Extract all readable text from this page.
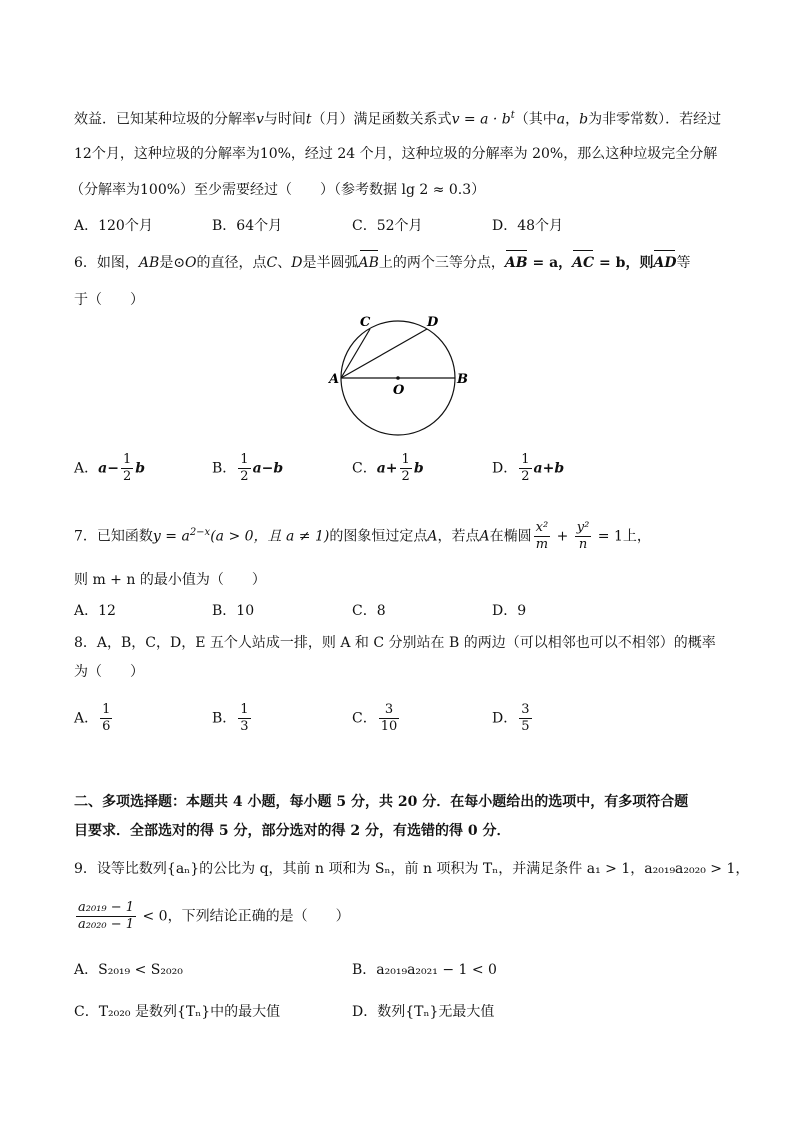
效益．已知某种垃圾的分解率v与时间t（月）满足函数关系式$v = a \cdot b^t$（其中a，b为非零常数）．若经过
12个月，这种垃圾的分解率为10%，经过 24 个月，这种垃圾的分解率为 20%，那么这种垃圾完全分解
（分解率为100%）至少需要经过（　　）（参考数据 lg 2 ≈ 0.3）
A．120个月	B．64个月	C．52个月	D．48个月
6．如图，AB是⊙O的直径，点C、D是半圆弧AB上的两个三等分点，AB = a，AC = b，则AD等
于（　　）
A	B
C	D
O
A．$a- \frac{1}{2}$ b	B． $\frac{1}{2} a-b$	C．$a+ \frac{1}{2}$ b	D． $\frac{1}{2} a+b$
7．已知函数$y = a^{2-x}(a > 0$，且 a ≠ 1)的图象恒过定点A，若点A在椭圆 $\frac{\text{x²}}{m} + \frac{\text{y²}}{n} = 1$上，
则 m + n 的最小值为（　　）
A．12	B．10	C．8	D．9
8．A，B，C，D，E 五个人站成一排，则 A 和 C 分别站在 B 的两边（可以相邻也可以不相邻）的概率
为（　　）
A． $\frac{1}{6}$	B． $\frac{1}{3}$	C． $\frac{3}{10}$	D． $\frac{3}{5}$
二、多项选择题：本题共 4 小题，每小题 5 分，共 20 分．在每小题给出的选项中，有多项符合题
目要求．全部选对的得 5 分，部分选对的得 2 分，有选错的得 0 分．
9．设等比数列{aₙ}的公比为 q，其前 n 项和为 Sₙ，前 n 项积为 Tₙ，并满足条件 a₁ > 1，a₂₀₁₉a₂₀₂₀ > 1，
$\frac{\text{a₂₀₁₉ − 1}}{\text{a₂₀₂₀ − 1}} < 0$，下列结论正确的是（　　）
A．S₂₀₁₉ < S₂₀₂₀	B．a₂₀₁₉a₂₀₂₁ − 1 < 0
C．T₂₀₂₀ 是数列{Tₙ}中的最大值	D．数列{Tₙ}无最大值
